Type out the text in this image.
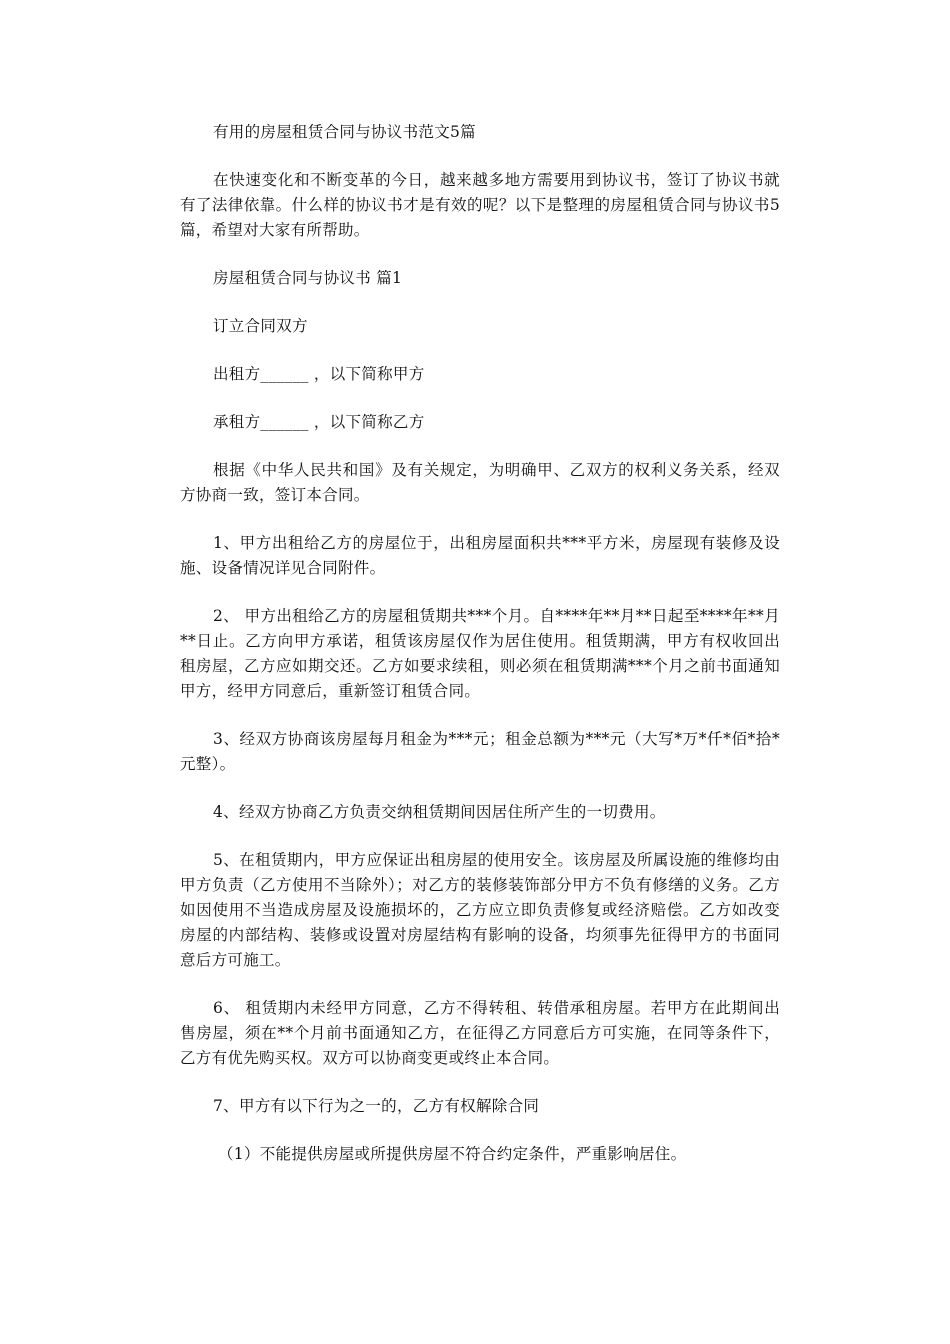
有用的房屋租赁合同与协议书范文5篇

在快速变化和不断变革的今日，越来越多地方需要用到协议书，签订了协议书就有了法律依靠。什么样的协议书才是有效的呢？以下是整理的房屋租赁合同与协议书5篇，希望对大家有所帮助。

房屋租赁合同与协议书 篇1

订立合同双方

出租方______ ，以下简称甲方

承租方______ ，以下简称乙方

根据《中华人民共和国》及有关规定，为明确甲、乙双方的权利义务关系，经双方协商一致，签订本合同。

1、甲方出租给乙方的房屋位于，出租房屋面积共***平方米，房屋现有装修及设施、设备情况详见合同附件。

2、 甲方出租给乙方的房屋租赁期共***个月。自****年**月**日起至****年**月**日止。乙方向甲方承诺，租赁该房屋仅作为居住使用。租赁期满，甲方有权收回出租房屋，乙方应如期交还。乙方如要求续租，则必须在租赁期满***个月之前书面通知甲方，经甲方同意后，重新签订租赁合同。

3、经双方协商该房屋每月租金为***元；租金总额为***元（大写*万*仟*佰*拾*元整）。

4、经双方协商乙方负责交纳租赁期间因居住所产生的一切费用。

5、在租赁期内，甲方应保证出租房屋的使用安全。该房屋及所属设施的维修均由甲方负责（乙方使用不当除外）；对乙方的装修装饰部分甲方不负有修缮的义务。乙方如因使用不当造成房屋及设施损坏的，乙方应立即负责修复或经济赔偿。乙方如改变房屋的内部结构、装修或设置对房屋结构有影响的设备，均须事先征得甲方的书面同意后方可施工。

6、 租赁期内未经甲方同意，乙方不得转租、转借承租房屋。若甲方在此期间出售房屋，须在**个月前书面通知乙方，在征得乙方同意后方可实施，在同等条件下，乙方有优先购买权。双方可以协商变更或终止本合同。

7、甲方有以下行为之一的，乙方有权解除合同

（1）不能提供房屋或所提供房屋不符合约定条件，严重影响居住。
